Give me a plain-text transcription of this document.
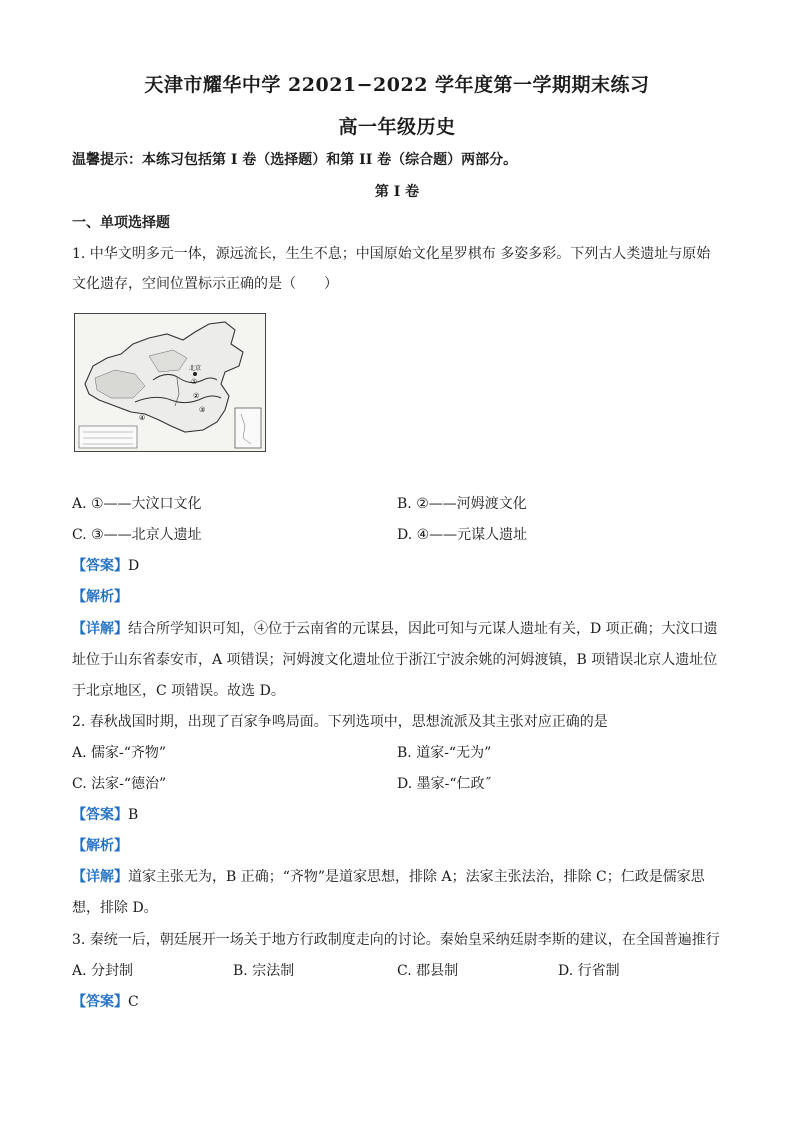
天津市耀华中学 22021−2022 学年度第一学期期末练习
高一年级历史
温馨提示：本练习包括第 I 卷（选择题）和第 II 卷（综合题）两部分。
第 I 卷
一、单项选择题
1. 中华文明多元一体，源远流长，生生不息；中国原始文化星罗棋布 多姿多彩。下列古人类遗址与原始
文化遗存，空间位置标示正确的是（　　）
北京
①
②
③
④
A. ①——大汶口文化	B. ②——河姆渡文化
C. ③——北京人遗址	D. ④——元谋人遗址
【答案】D
【解析】
【详解】结合所学知识可知，④位于云南省的元谋县，因此可知与元谋人遗址有关，D 项正确；大汶口遗
址位于山东省泰安市，A 项错误；河姆渡文化遗址位于浙江宁波余姚的河姆渡镇，B 项错误北京人遗址位
于北京地区，C 项错误。故选 D。
2. 春秋战国时期，出现了百家争鸣局面。下列选项中，思想流派及其主张对应正确的是
A. 儒家-“齐物”	B. 道家-“无为”
C. 法家-“德治”	D. 墨家-“仁政˝
【答案】B
【解析】
【详解】道家主张无为，B 正确；“齐物”是道家思想，排除 A；法家主张法治，排除 C；仁政是儒家思
想，排除 D。
3. 秦统一后，朝廷展开一场关于地方行政制度走向的讨论。秦始皇采纳廷尉李斯的建议，在全国普遍推行
A. 分封制	B. 宗法制	C. 郡县制	D. 行省制
【答案】C
